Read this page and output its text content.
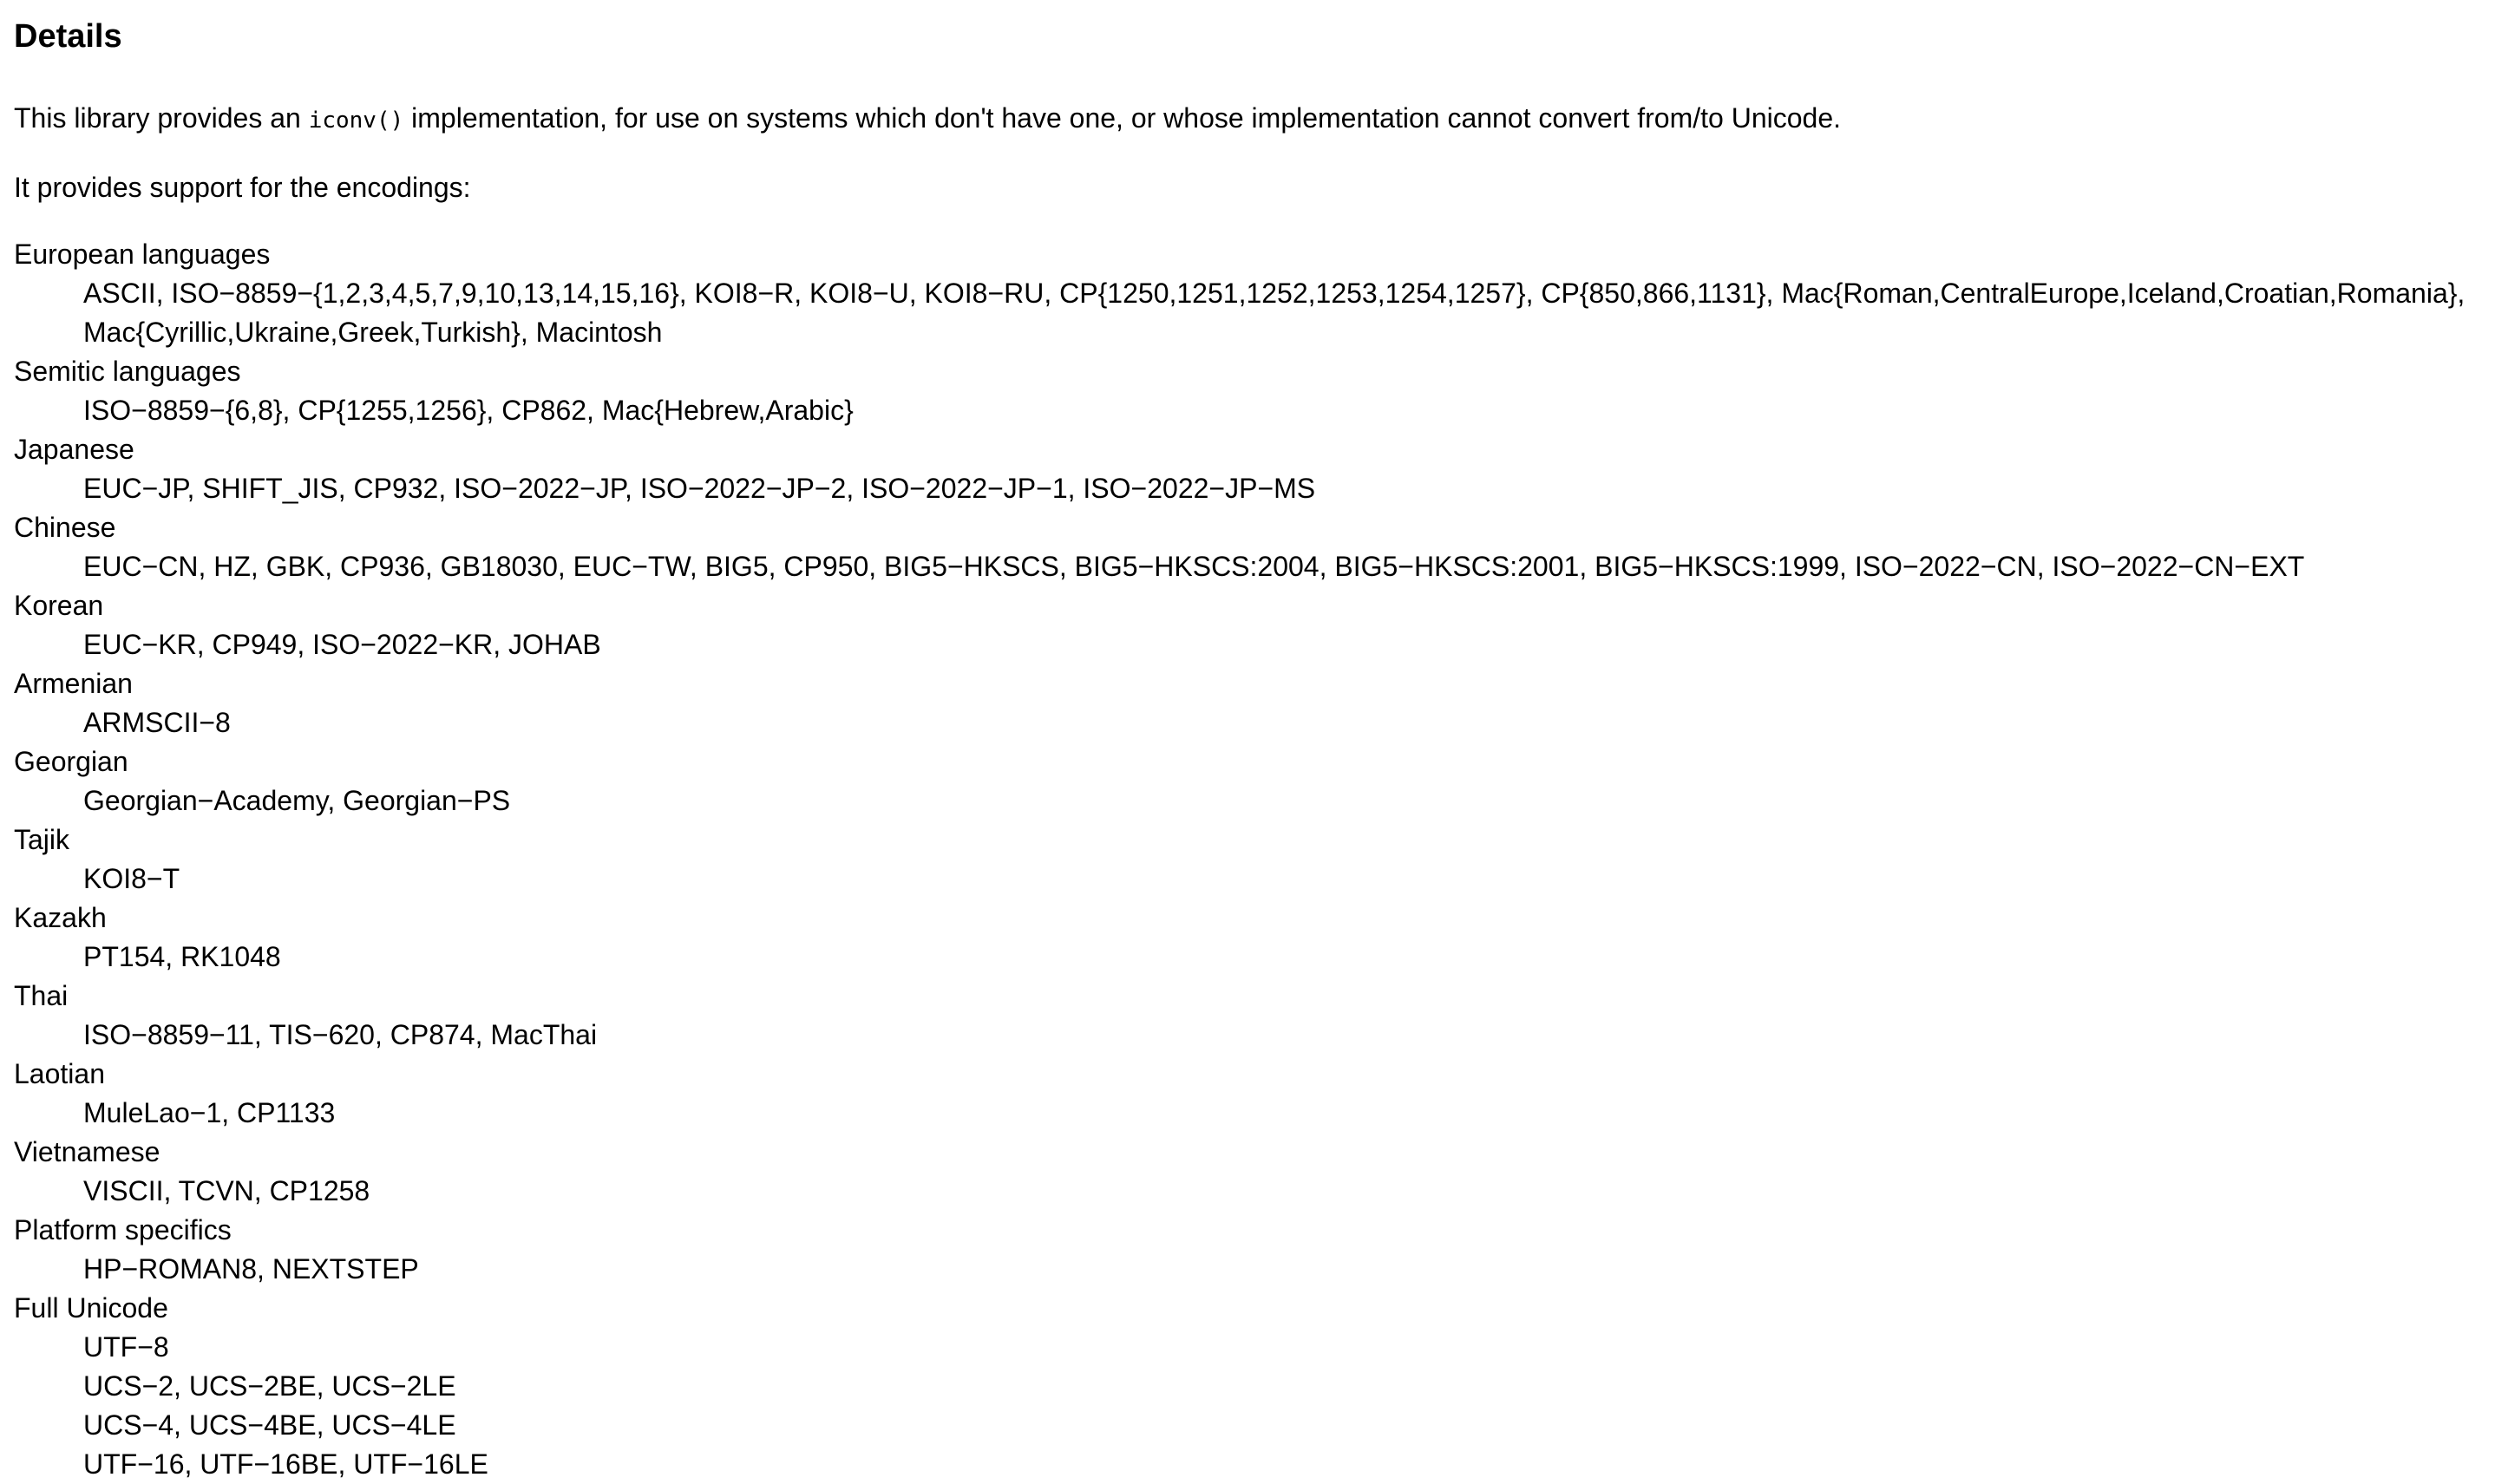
Details

This library provides an iconv() implementation, for use on systems which don't have one, or whose implementation cannot convert from/to Unicode.

It provides support for the encodings:

European languages
ASCII, ISO−8859−{1,2,3,4,5,7,9,10,13,14,15,16}, KOI8−R, KOI8−U, KOI8−RU, CP{1250,1251,1252,1253,1254,1257}, CP{850,866,1131}, Mac{Roman,CentralEurope,Iceland,Croatian,Romania}, Mac{Cyrillic,Ukraine,Greek,Turkish}, Macintosh
Semitic languages
ISO−8859−{6,8}, CP{1255,1256}, CP862, Mac{Hebrew,Arabic}
Japanese
EUC−JP, SHIFT_JIS, CP932, ISO−2022−JP, ISO−2022−JP−2, ISO−2022−JP−1, ISO−2022−JP−MS
Chinese
EUC−CN, HZ, GBK, CP936, GB18030, EUC−TW, BIG5, CP950, BIG5−HKSCS, BIG5−HKSCS:2004, BIG5−HKSCS:2001, BIG5−HKSCS:1999, ISO−2022−CN, ISO−2022−CN−EXT
Korean
EUC−KR, CP949, ISO−2022−KR, JOHAB
Armenian
ARMSCII−8
Georgian
Georgian−Academy, Georgian−PS
Tajik
KOI8−T
Kazakh
PT154, RK1048
Thai
ISO−8859−11, TIS−620, CP874, MacThai
Laotian
MuleLao−1, CP1133
Vietnamese
VISCII, TCVN, CP1258
Platform specifics
HP−ROMAN8, NEXTSTEP
Full Unicode
UTF−8
UCS−2, UCS−2BE, UCS−2LE
UCS−4, UCS−4BE, UCS−4LE
UTF−16, UTF−16BE, UTF−16LE
